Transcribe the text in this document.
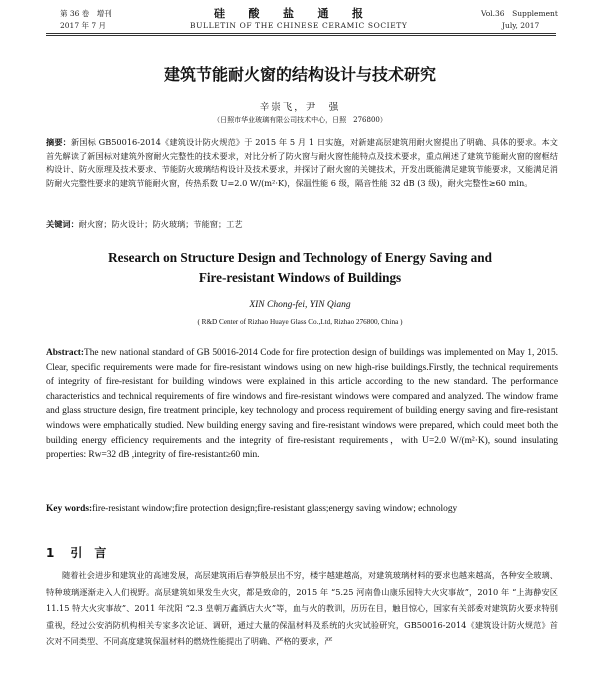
第 36 卷　增刊
2017 年 7 月
硅　　酸　　盐　　通　　报
BULLETIN OF THE CHINESE CERAMIC SOCIETY
Vol.36　Supplement
July, 2017
建筑节能耐火窗的结构设计与技术研究
辛崇飞，尹　强
（日照市华业玻璃有限公司技术中心，日照　276800）
摘要：新国标 GB50016-2014《建筑设计防火规范》于 2015 年 5 月 1 日实施，对新建高层建筑用耐火窗提出了明确、具体的要求。本文首先解读了新国标对建筑外窗耐火完整性的技术要求，对比分析了防火窗与耐火窗性能特点及技术要求，重点阐述了建筑节能耐火窗的窗框结构设计、防火原理及技术要求、节能防火玻璃结构设计及技术要求，并探讨了耐火窗的关键技术，开发出既能满足建筑节能要求，又能满足消防耐火完整性要求的建筑节能耐火窗，传热系数 U=2.0 W/(m²·K)，保温性能 6 级，隔音性能 32 dB (3 级)，耐火完整性≥60 min。
关键词：耐火窗；防火设计；防火玻璃；节能窗；工艺
Research on Structure Design and Technology of Energy Saving and
Fire-resistant Windows of Buildings
XIN Chong-fei, YIN Qiang
( R&D Center of Rizhao Huaye Glass Co.,Ltd, Rizhao 276800, China )
Abstract:The new national standard of GB 50016-2014 Code for fire protection design of buildings was implemented on May 1, 2015. Clear, specific requirements were made for fire-resistant windows using on new high-rise buildings.Firstly, the technical requirements of integrity of fire-resistant for building windows were explained in this article according to the new standard. The performance characteristics and technical requirements of fire windows and fire-resistant windows were compared and analyzed. The window frame and glass structure design, fire treatment principle, key technology and process requirement of building energy saving and fire-resistant windows were emphatically studied. New building energy saving and fire-resistant windows were prepared, which could meet both the building energy efficiency requirements and the integrity of fire-resistant requirements，with U=2.0 W/(m²·K), sound insulating properties: Rw=32 dB ,integrity of fire-resistant≥60 min.
Key words:fire-resistant window;fire protection design;fire-resistant glass;energy saving window; echnology
1 引　言
随着社会进步和建筑业的高速发展，高层建筑雨后春笋般层出不穷，楼宇越建越高，对建筑玻璃材料的要求也越来越高，各种安全玻璃、特种玻璃逐渐走入人们视野。高层建筑如果发生火灾，都是致命的，2015 年 “5.25 河南鲁山康乐园特大火灾事故”，2010 年 “上海静安区 11.15 特大火灾事故”、2011 年沈阳 “2.3 皇朝万鑫酒店大火”等，血与火的教训，历历在目，触目惊心，国家有关部委对建筑防火要求特别重视，经过公安消防机构相关专家多次论证、调研，通过大量的保温材料及系统的火灾试验研究，GB50016-2014《建筑设计防火规范》首次对不同类型、不同高度建筑保温材料的燃烧性能提出了明确、严格的要求，严
